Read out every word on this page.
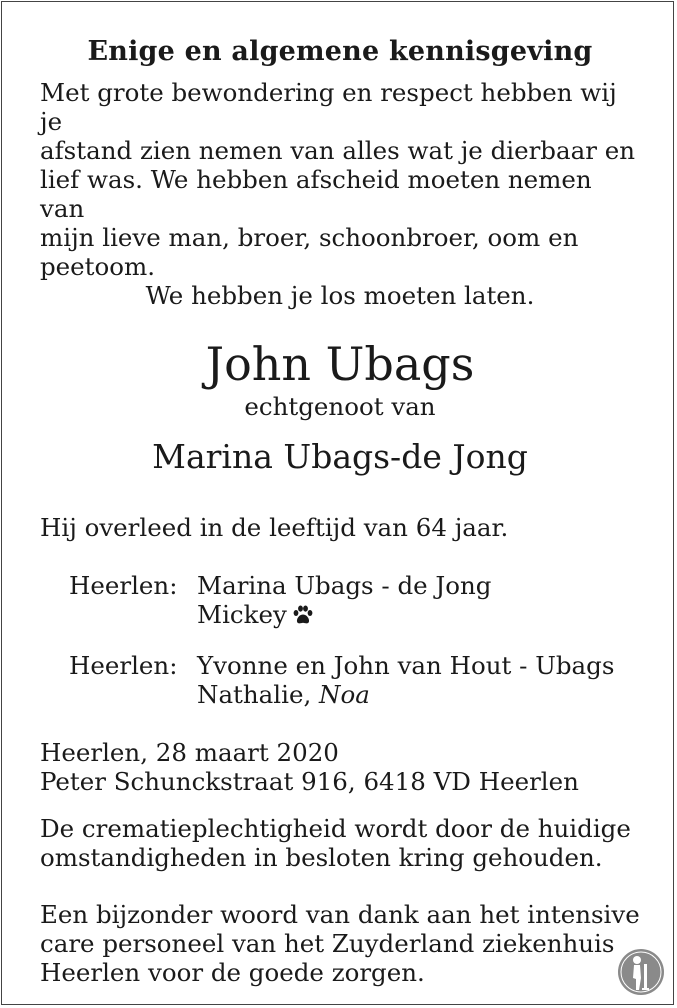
Enige en algemene kennisgeving
Met grote bewondering en respect hebben wij je
afstand zien nemen van alles wat je dierbaar en
lief was. We hebben afscheid moeten nemen van
mijn lieve man, broer, schoonbroer, oom en
peetoom.
We hebben je los moeten laten.
John Ubags
echtgenoot van
Marina Ubags-de Jong
Hij overleed in de leeftijd van 64 jaar.
Heerlen: Marina Ubags - de Jong
Mickey
Heerlen: Yvonne en John van Hout - Ubags
Nathalie, Noa
Heerlen, 28 maart 2020
Peter Schunckstraat 916, 6418 VD Heerlen
De crematieplechtigheid wordt door de huidige
omstandigheden in besloten kring gehouden.
Een bijzonder woord van dank aan het intensive
care personeel van het Zuyderland ziekenhuis
Heerlen voor de goede zorgen.
